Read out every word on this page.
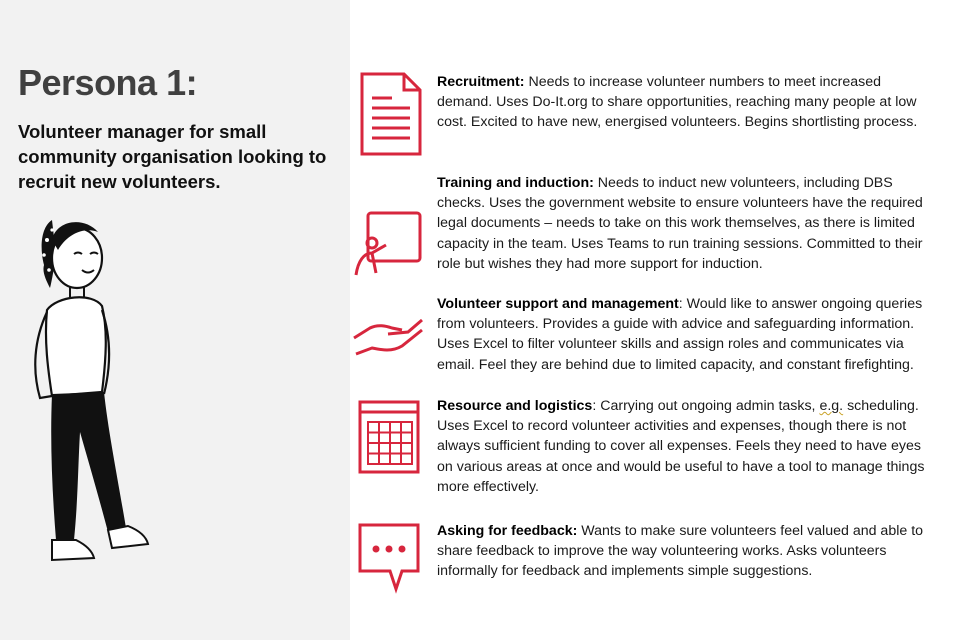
Persona 1:

Volunteer manager for small community organisation looking to recruit new volunteers.

Recruitment: Needs to increase volunteer numbers to meet increased demand. Uses Do-It.org to share opportunities, reaching many people at low cost. Excited to have new, energised volunteers. Begins shortlisting process.
Training and induction: Needs to induct new volunteers, including DBS checks. Uses the government website to ensure volunteers have the required legal documents – needs to take on this work themselves, as there is limited capacity in the team. Uses Teams to run training sessions. Committed to their role but wishes they had more support for induction.
Volunteer support and management: Would like to answer ongoing queries from volunteers. Provides a guide with advice and safeguarding information. Uses Excel to filter volunteer skills and assign roles and communicates via email. Feel they are behind due to limited capacity, and constant firefighting.
Resource and logistics: Carrying out ongoing admin tasks, e.g. scheduling. Uses Excel to record volunteer activities and expenses, though there is not always sufficient funding to cover all expenses. Feels they need to have eyes on various areas at once and would be useful to have a tool to manage things more effectively.
Asking for feedback: Wants to make sure volunteers feel valued and able to share feedback to improve the way volunteering works. Asks volunteers informally for feedback and implements simple suggestions.
